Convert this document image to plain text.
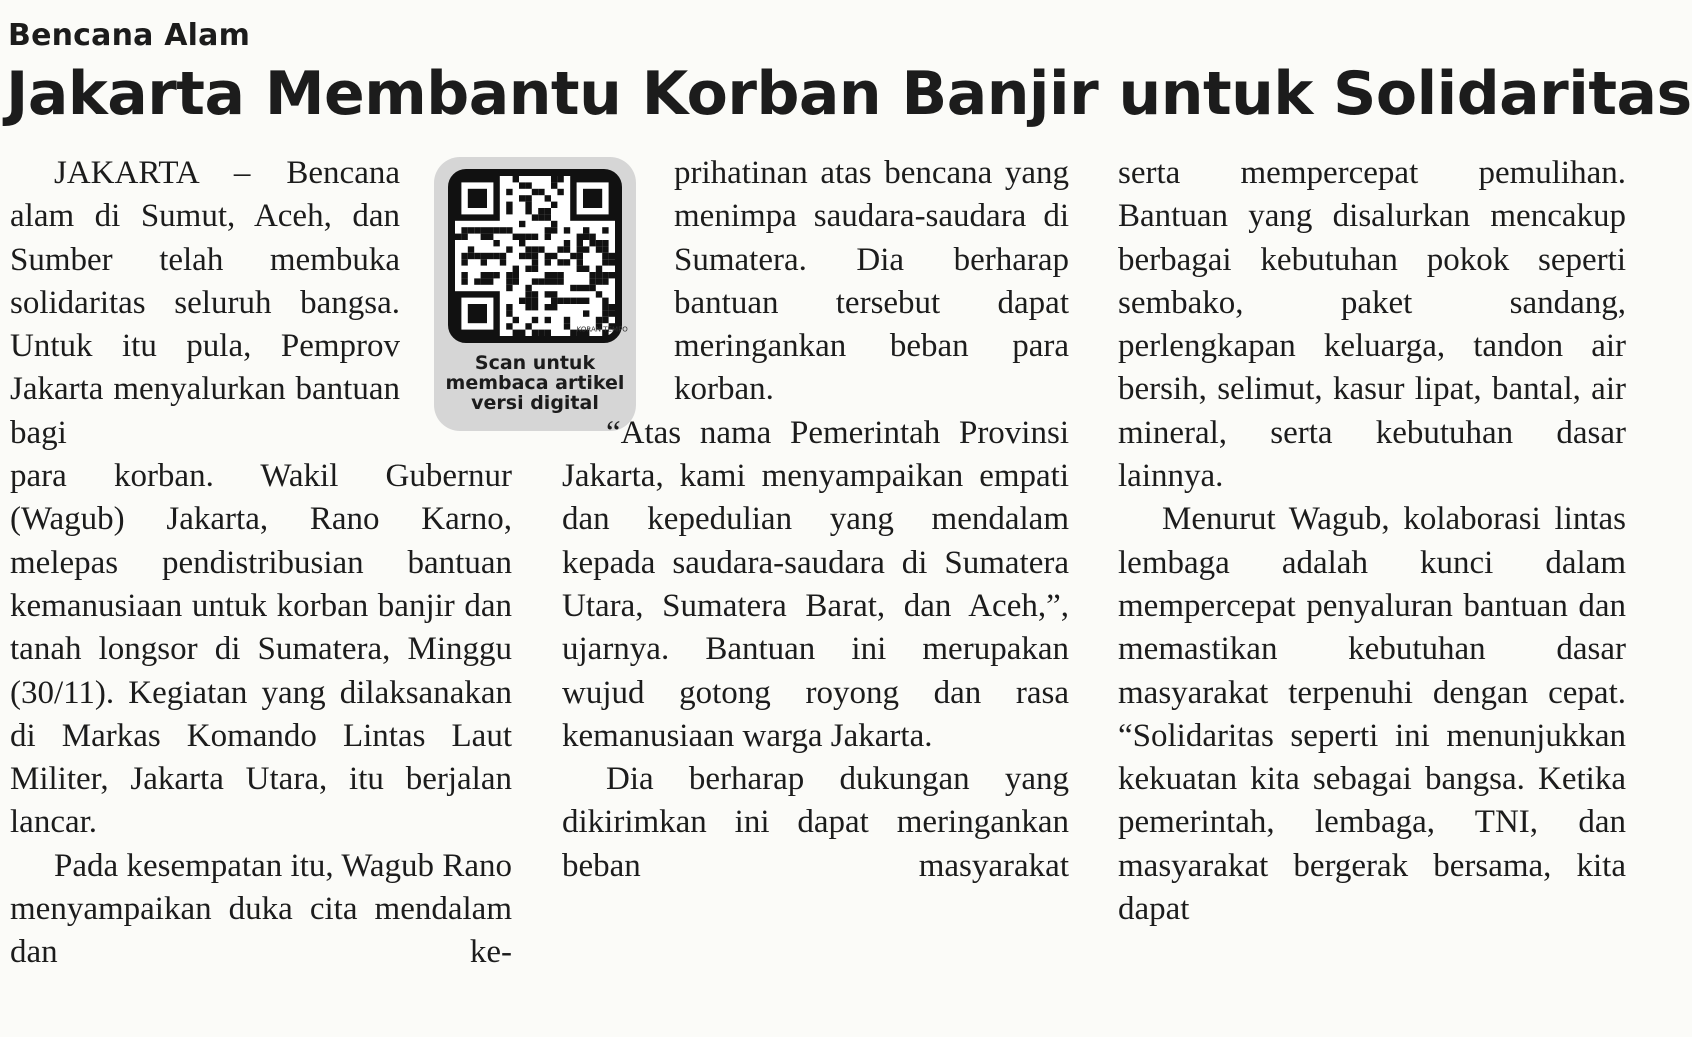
Bencana Alam
Jakarta Membantu Korban Banjir untuk Solidaritas

JAKARTA – Bencana alam di Sumut, Aceh, dan Sumber telah membuka solidaritas seluruh bangsa. Untuk itu pula, Pemprov Jakarta menyalurkan bantuan bagi

para korban. Wakil Gubernur (Wagub) Jakarta, Rano Karno, melepas pendistribusian bantuan kemanusiaan untuk korban banjir dan tanah longsor di Sumatera, Minggu (30/11). Kegiatan yang dilaksanakan di Markas Komando Lintas Laut Militer, Jakarta Utara, itu berjalan lancar.

Pada kesempatan itu, Wagub Rano menyampaikan duka cita mendalam dan ke-

KORAN TEMPO
Scan untuk
membaca artikel
versi digital

prihatinan atas bencana yang menimpa saudara-saudara di Sumatera. Dia berharap bantuan tersebut dapat meringankan beban para korban.

“Atas nama Pemerintah Provinsi Jakarta, kami menyampaikan empati dan kepedulian yang mendalam kepada saudara-saudara di Sumatera Utara, Sumatera Barat, dan Aceh,”, ujarnya. Bantuan ini merupakan wujud gotong royong dan rasa kemanusiaan warga Jakarta.

Dia berharap dukungan yang dikirimkan ini dapat meringankan beban masyarakat

serta mempercepat pemulihan. Bantuan yang disalurkan mencakup berbagai kebutuhan pokok seperti sembako, paket sandang, perlengkapan keluarga, tandon air bersih, selimut, kasur lipat, bantal, air mineral, serta kebutuhan dasar lainnya.

Menurut Wagub, kolaborasi lintas lembaga adalah kunci dalam mempercepat penyaluran bantuan dan memastikan kebutuhan dasar masyarakat terpenuhi dengan cepat. “Solidaritas seperti ini menunjukkan kekuatan kita sebagai bangsa. Ketika pemerintah, lembaga, TNI, dan masyarakat bergerak bersama, kita dapat
